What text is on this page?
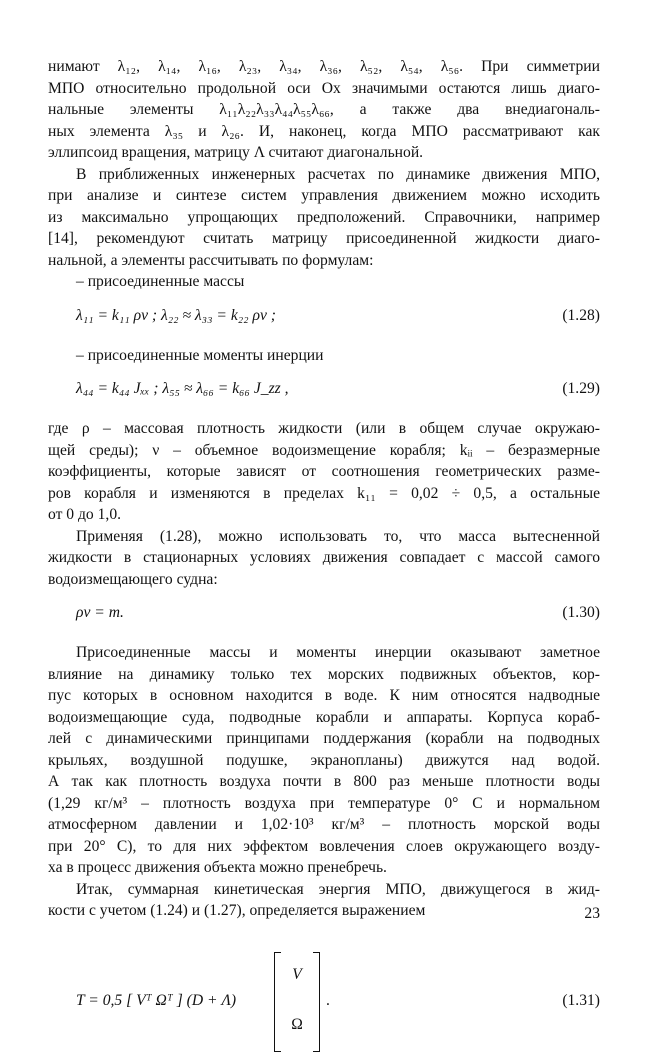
нимают λ₁₂, λ₁₄, λ₁₆, λ₂₃, λ₃₄, λ₃₆, λ₅₂, λ₅₄, λ₅₆. При симметрии
МПО относительно продольной оси Ox значимыми остаются лишь диаго-
нальные элементы λ₁₁λ₂₂λ₃₃λ₄₄λ₅₅λ₆₆, а также два внедиагональ-
ных элемента λ₃₅ и λ₂₆. И, наконец, когда МПО рассматривают как
эллипсоид вращения, матрицу Λ считают диагональной.
В приближенных инженерных расчетах по динамике движения МПО,
при анализе и синтезе систем управления движением можно исходить
из максимально упрощающих предположений. Справочники, например
[14], рекомендуют считать матрицу присоединенной жидкости диаго-
нальной, а элементы рассчитывать по формулам:
– присоединенные массы
λ₁₁ = k₁₁ ρν ; λ₂₂ ≈ λ₃₃ = k₂₂ ρν ;	(1.28)
– присоединенные моменты инерции
λ₄₄ = k₄₄ Jₓₓ ; λ₅₅ ≈ λ₆₆ = k₆₆ J_zz ,	(1.29)
где ρ – массовая плотность жидкости (или в общем случае окружаю-
щей среды); ν – объемное водоизмещение корабля; kᵢᵢ – безразмерные
коэффициенты, которые зависят от соотношения геометрических разме-
ров корабля и изменяются в пределах k₁₁ = 0,02 ÷ 0,5, а остальные
от 0 до 1,0.
Применяя (1.28), можно использовать то, что масса вытесненной
жидкости в стационарных условиях движения совпадает с массой самого
водоизмещающего судна:
ρν = m.	(1.30)
Присоединенные массы и моменты инерции оказывают заметное
влияние на динамику только тех морских подвижных объектов, кор-
пус которых в основном находится в воде. К ним относятся надводные
водоизмещающие суда, подводные корабли и аппараты. Корпуса кораб-
лей с динамическими принципами поддержания (корабли на подводных
крыльях, воздушной подушке, экранопланы) движутся над водой.
А так как плотность воздуха почти в 800 раз меньше плотности воды
(1,29 кг/м³ – плотность воздуха при температуре 0° С и нормальном
атмосферном давлении и 1,02·10³ кг/м³ – плотность морской воды
при 20° С), то для них эффектом вовлечения слоев окружающего возду-
ха в процесс движения объекта можно пренебречь.
Итак, суммарная кинетическая энергия МПО, движущегося в жид-
кости с учетом (1.24) и (1.27), определяется выражением
T = 0,5 [ Vᵀ Ωᵀ ] (D + Λ)
V
Ω
.	(1.31)
23
